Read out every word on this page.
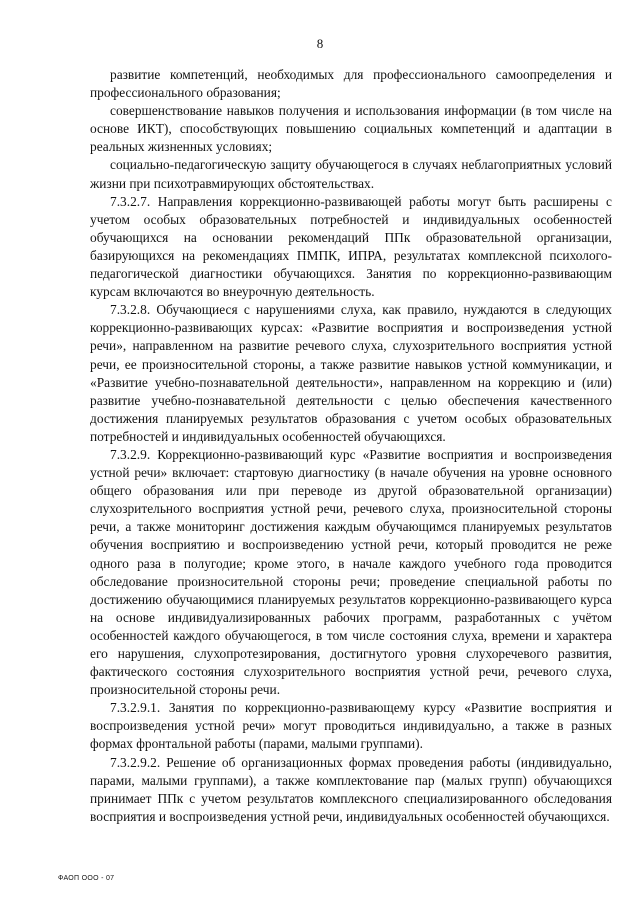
8

развитие компетенций, необходимых для профессионального самоопределения и профессионального образования;

совершенствование навыков получения и использования информации (в том числе на основе ИКТ), способствующих повышению социальных компетенций и адаптации в реальных жизненных условиях;

социально-педагогическую защиту обучающегося в случаях неблагоприятных условий жизни при психотравмирующих обстоятельствах.

7.3.2.7. Направления коррекционно-развивающей работы могут быть расширены с учетом особых образовательных потребностей и индивидуальных особенностей обучающихся на основании рекомендаций ППк образовательной организации, базирующихся на рекомендациях ПМПК, ИПРА, результатах комплексной психолого-педагогической диагностики обучающихся. Занятия по коррекционно-развивающим курсам включаются во внеурочную деятельность.

7.3.2.8. Обучающиеся с нарушениями слуха, как правило, нуждаются в следующих коррекционно-развивающих курсах: «Развитие восприятия и воспроизведения устной речи», направленном на развитие речевого слуха, слухозрительного восприятия устной речи, ее произносительной стороны, а также развитие навыков устной коммуникации, и «Развитие учебно-познавательной деятельности», направленном на коррекцию и (или) развитие учебно-познавательной деятельности с целью обеспечения качественного достижения планируемых результатов образования с учетом особых образовательных потребностей и индивидуальных особенностей обучающихся.

7.3.2.9. Коррекционно-развивающий курс «Развитие восприятия и воспроизведения устной речи» включает: стартовую диагностику (в начале обучения на уровне основного общего образования или при переводе из другой образовательной организации) слухозрительного восприятия устной речи, речевого слуха, произносительной стороны речи, а также мониторинг достижения каждым обучающимся планируемых результатов обучения восприятию и воспроизведению устной речи, который проводится не реже одного раза в полугодие; кроме этого, в начале каждого учебного года проводится обследование произносительной стороны речи; проведение специальной работы по достижению обучающимися планируемых результатов коррекционно-развивающего курса на основе индивидуализированных рабочих программ, разработанных с учётом особенностей каждого обучающегося, в том числе состояния слуха, времени и характера его нарушения, слухопротезирования, достигнутого уровня слухоречевого развития, фактического состояния слухозрительного восприятия устной речи, речевого слуха, произносительной стороны речи.

7.3.2.9.1. Занятия по коррекционно-развивающему курсу «Развитие восприятия и воспроизведения устной речи» могут проводиться индивидуально, а также в разных формах фронтальной работы (парами, малыми группами).

7.3.2.9.2. Решение об организационных формах проведения работы (индивидуально, парами, малыми группами), а также комплектование пар (малых групп) обучающихся принимает ППк с учетом результатов комплексного специализированного обследования восприятия и воспроизведения устной речи, индивидуальных особенностей обучающихся.

ФАОП ООО - 07
